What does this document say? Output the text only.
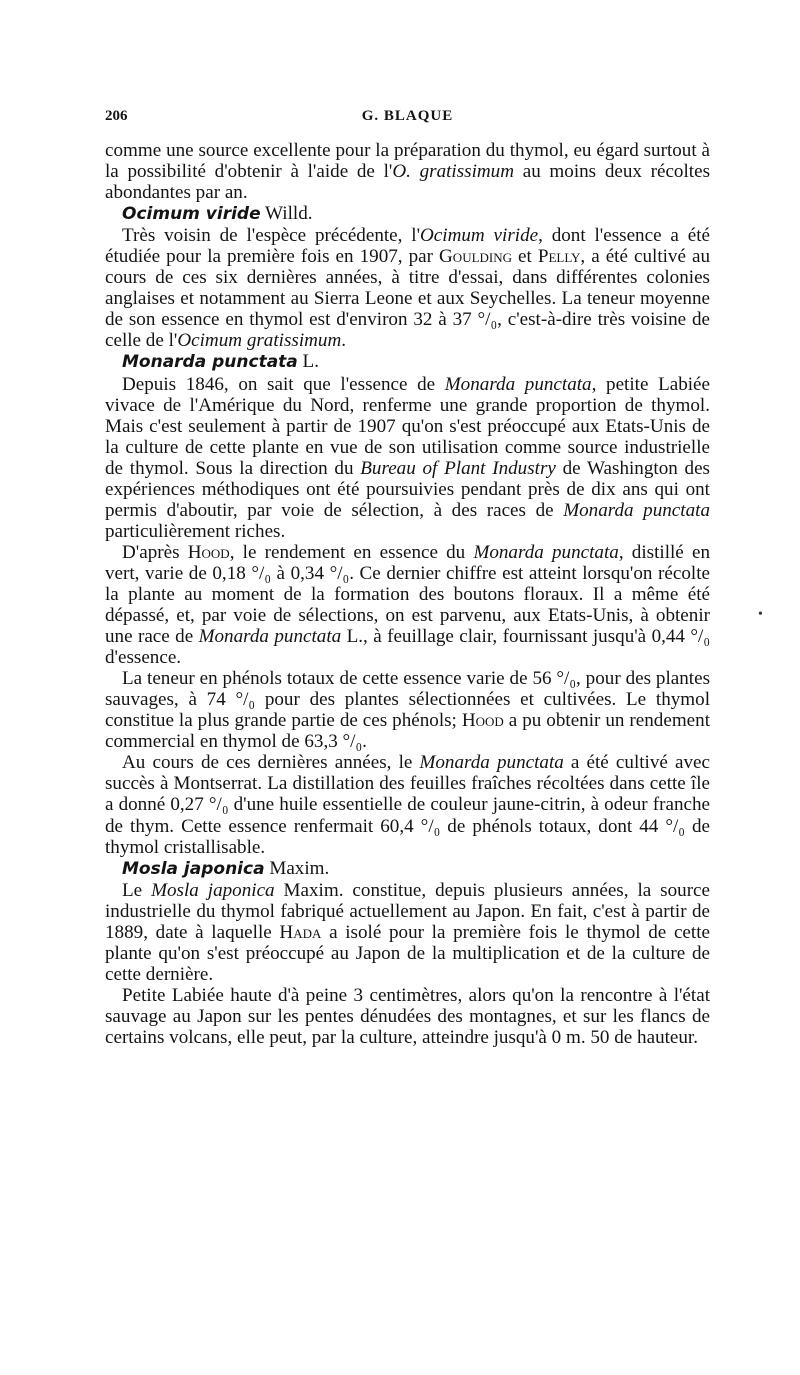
206	G. BLAQUE

comme une source excellente pour la préparation du thymol, eu égard surtout à la possibilité d'obtenir à l'aide de l'O. gratissimum au moins deux récoltes abondantes par an.

Ocimum viride Willd.

Très voisin de l'espèce précédente, l'Ocimum viride, dont l'essence a été étudiée pour la première fois en 1907, par Goulding et Pelly, a été cultivé au cours de ces six dernières années, à titre d'essai, dans différentes colonies anglaises et notamment au Sierra Leone et aux Seychelles. La teneur moyenne de son essence en thymol est d'environ 32 à 37 °/₀, c'est-à-dire très voisine de celle de l'Ocimum gratissimum.

Monarda punctata L.

Depuis 1846, on sait que l'essence de Monarda punctata, petite Labiée vivace de l'Amérique du Nord, renferme une grande proportion de thymol. Mais c'est seulement à partir de 1907 qu'on s'est préoccupé aux Etats-Unis de la culture de cette plante en vue de son utilisation comme source industrielle de thymol. Sous la direction du Bureau of Plant Industry de Washington des expériences méthodiques ont été poursuivies pendant près de dix ans qui ont permis d'aboutir, par voie de sélection, à des races de Monarda punctata particulièrement riches.

D'après Hood, le rendement en essence du Monarda punctata, distillé en vert, varie de 0,18 °/₀ à 0,34 °/₀. Ce dernier chiffre est atteint lorsqu'on récolte la plante au moment de la formation des boutons floraux. Il a même été dépassé, et, par voie de sélections, on est parvenu, aux Etats-Unis, à obtenir une race de Monarda punctata L., à feuillage clair, fournissant jusqu'à 0,44 °/₀ d'essence.

La teneur en phénols totaux de cette essence varie de 56 °/₀, pour des plantes sauvages, à 74 °/₀ pour des plantes sélectionnées et cultivées. Le thymol constitue la plus grande partie de ces phénols; Hood a pu obtenir un rendement commercial en thymol de 63,3 °/₀.

Au cours de ces dernières années, le Monarda punctata a été cultivé avec succès à Montserrat. La distillation des feuilles fraîches récoltées dans cette île a donné 0,27 °/₀ d'une huile essentielle de couleur jaune-citrin, à odeur franche de thym. Cette essence renfermait 60,4 °/₀ de phénols totaux, dont 44 °/₀ de thymol cristallisable.

Mosla japonica Maxim.

Le Mosla japonica Maxim. constitue, depuis plusieurs années, la source industrielle du thymol fabriqué actuellement au Japon. En fait, c'est à partir de 1889, date à laquelle Hada a isolé pour la première fois le thymol de cette plante qu'on s'est préoccupé au Japon de la multiplication et de la culture de cette dernière.

Petite Labiée haute d'à peine 3 centimètres, alors qu'on la rencontre à l'état sauvage au Japon sur les pentes dénudées des montagnes, et sur les flancs de certains volcans, elle peut, par la culture, atteindre jusqu'à 0 m. 50 de hauteur.

•
